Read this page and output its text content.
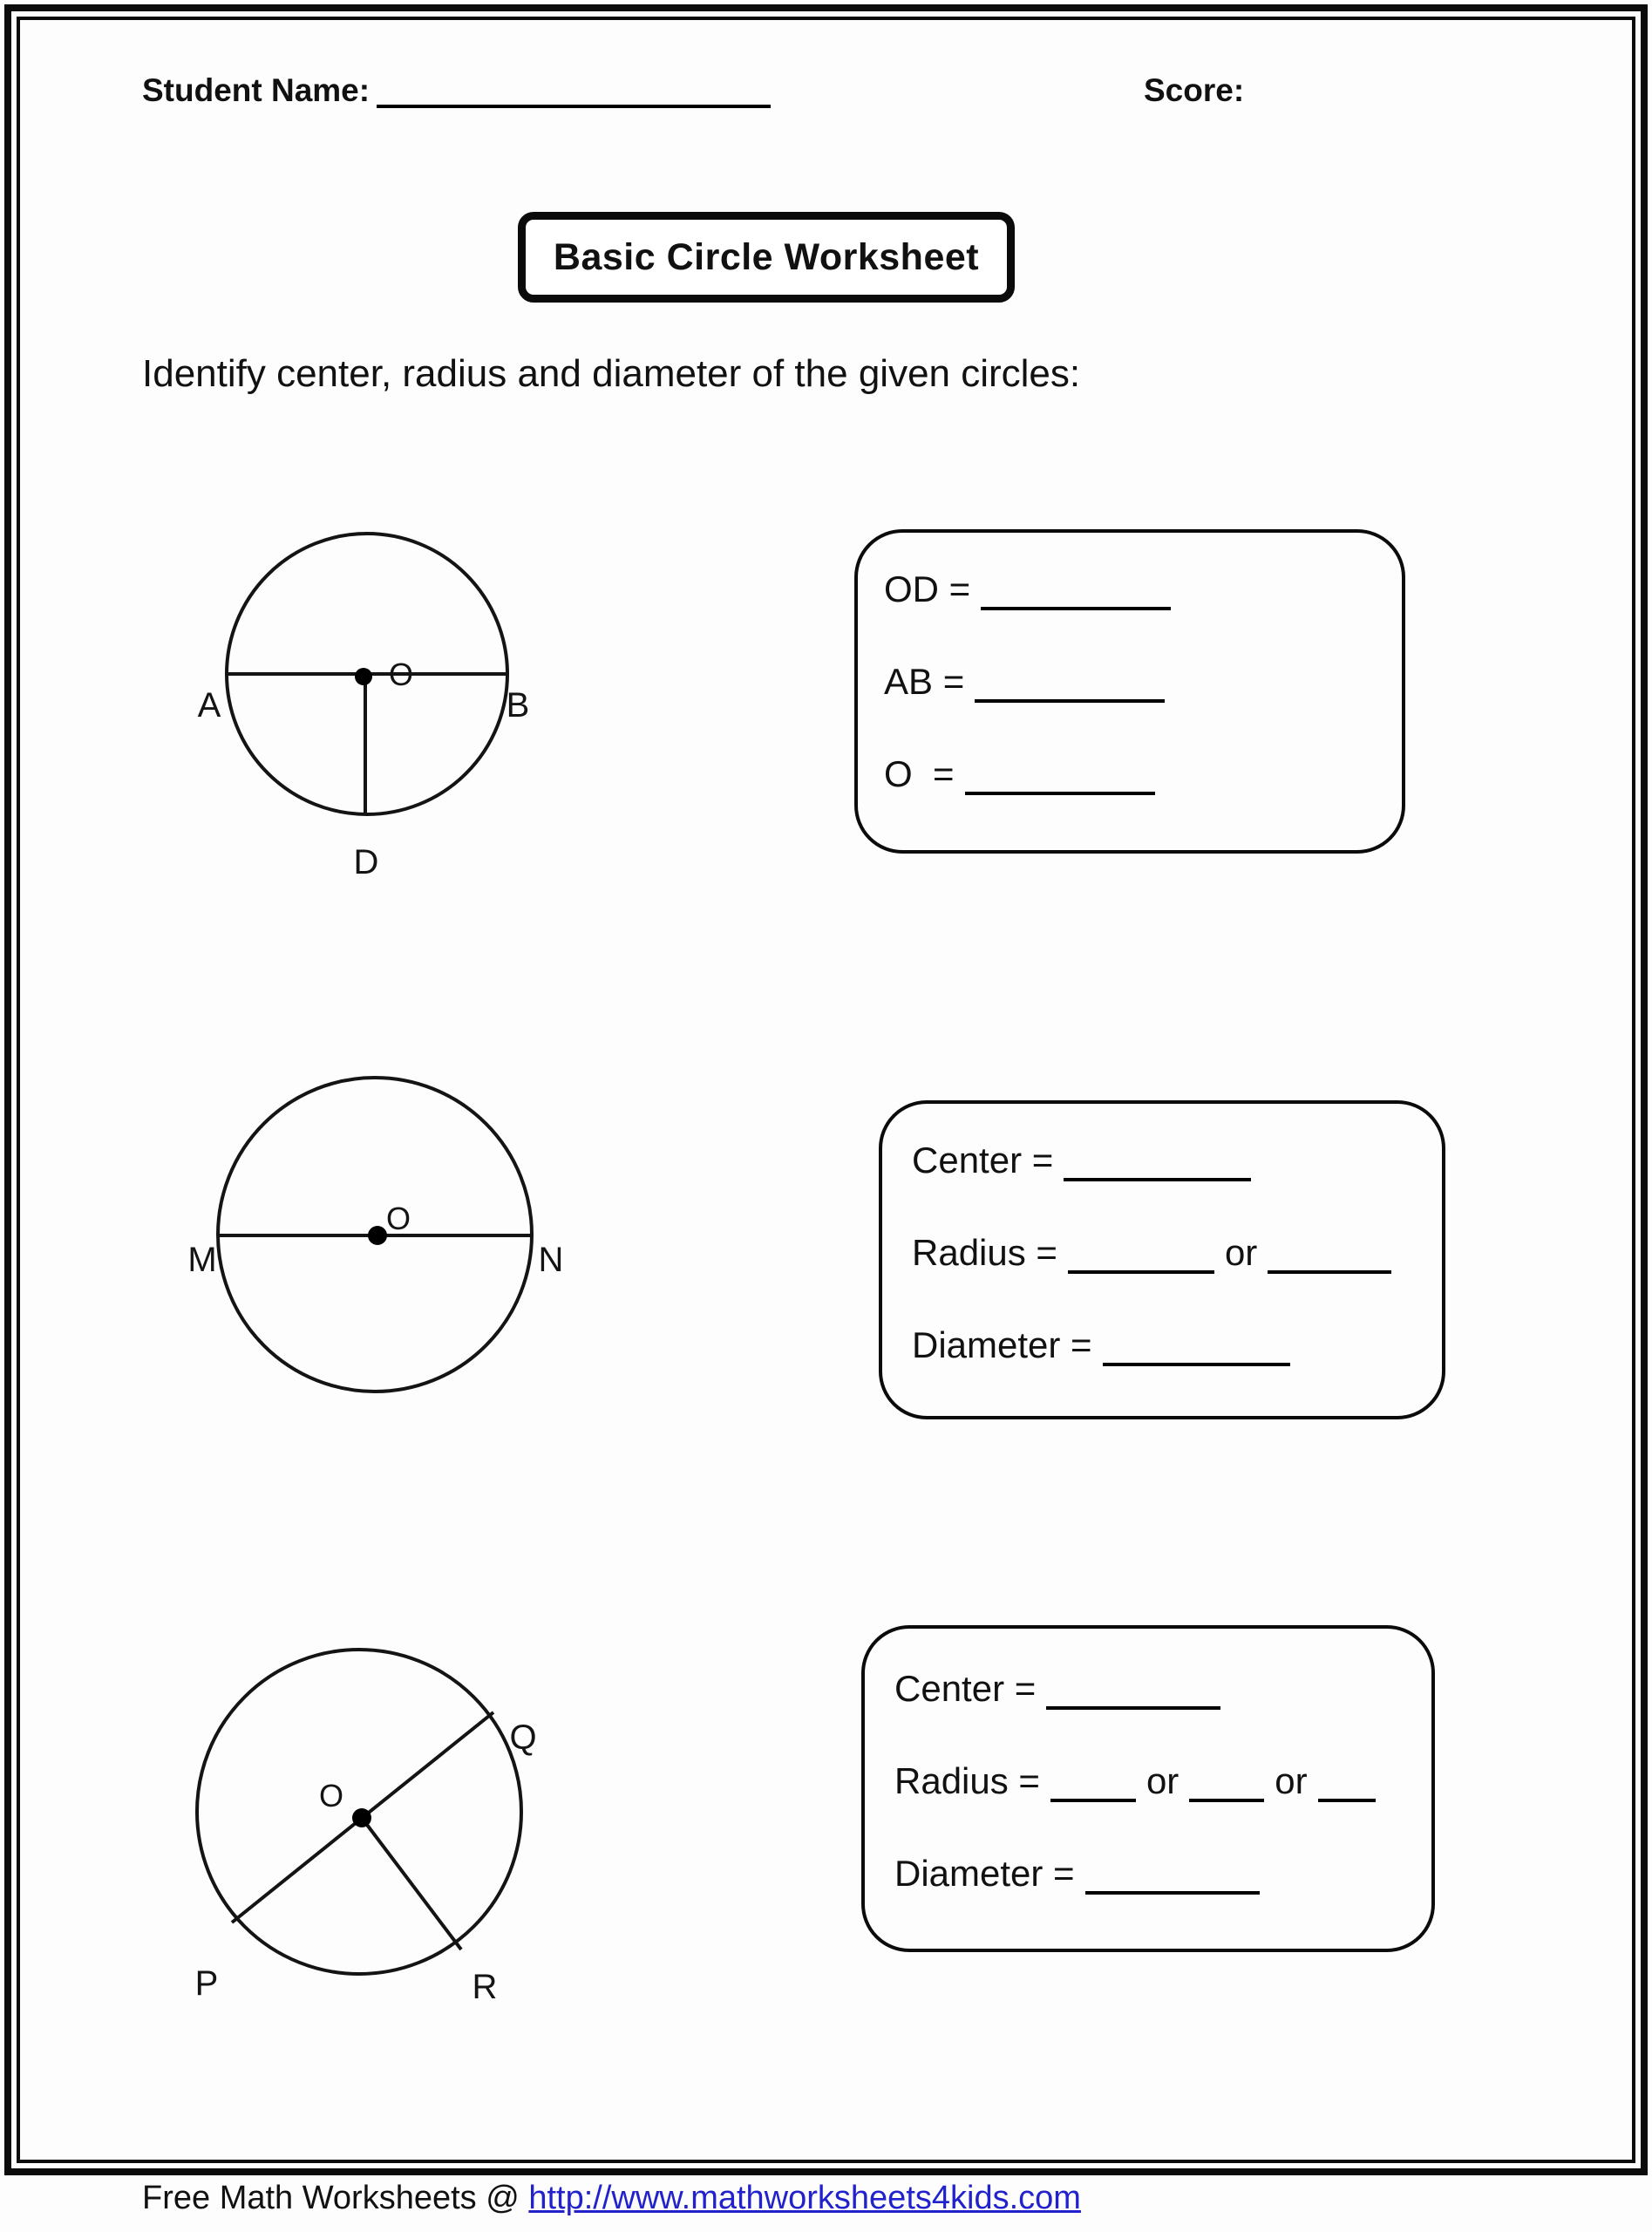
Student Name:	Score:
Basic Circle Worksheet
Identify center, radius and diameter of the given circles:
A	B
D
O
M	N
O
Q
P	R
O
OD =
AB =
O  =
Center =
Radius =	or
Diameter =
Center =
Radius =	or	or
Diameter =
Free Math Worksheets @ http://www.mathworksheets4kids.com
